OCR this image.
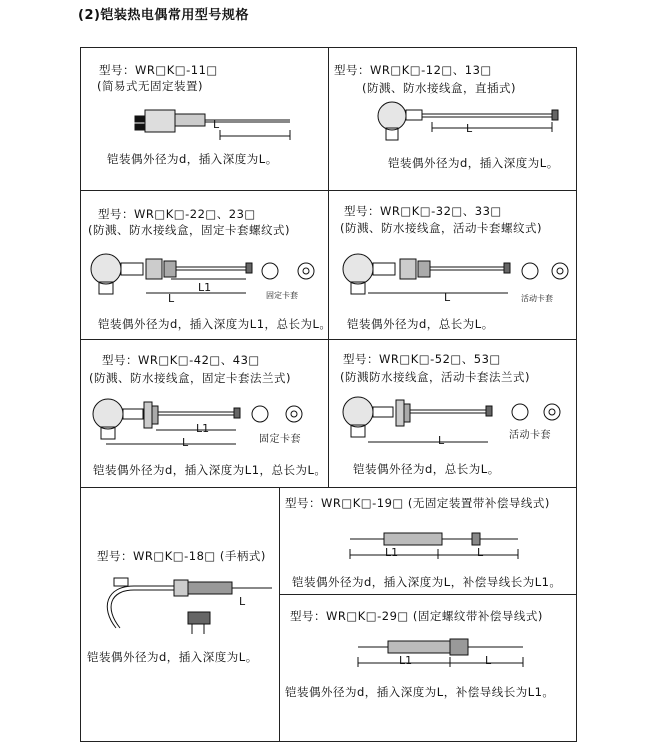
(2)铠装热电偶常用型号规格
型号：WR□K□-11□
(简易式无固定装置)
L
铠装偶外径为d，插入深度为L。
型号：WR□K□-12□、13□
(防溅、防水接线盒，直插式)
L
铠装偶外径为d，插入深度为L。
型号：WR□K□-22□、23□
(防溅、防水接线盒，固定卡套螺纹式)
L1
L	固定卡套
铠装偶外径为d，插入深度为L1，总长为L。
型号：WR□K□-32□、33□
(防溅、防水接线盒，活动卡套螺纹式)
L	活动卡套
铠装偶外径为d，总长为L。
型号：WR□K□-42□、43□
(防溅、防水接线盒，固定卡套法兰式)
L1
L	固定卡套
铠装偶外径为d，插入深度为L1，总长为L。
型号：WR□K□-52□、53□
(防溅防水接线盒，活动卡套法兰式)
L	活动卡套
铠装偶外径为d，总长为L。
型号：WR□K□-18□ (手柄式)
L
铠装偶外径为d，插入深度为L。
型号：WR□K□-19□ (无固定装置带补偿导线式)
L1	L
铠装偶外径为d，插入深度为L，补偿导线长为L1。
型号：WR□K□-29□ (固定螺纹带补偿导线式)
L1	L
铠装偶外径为d，插入深度为L，补偿导线长为L1。
